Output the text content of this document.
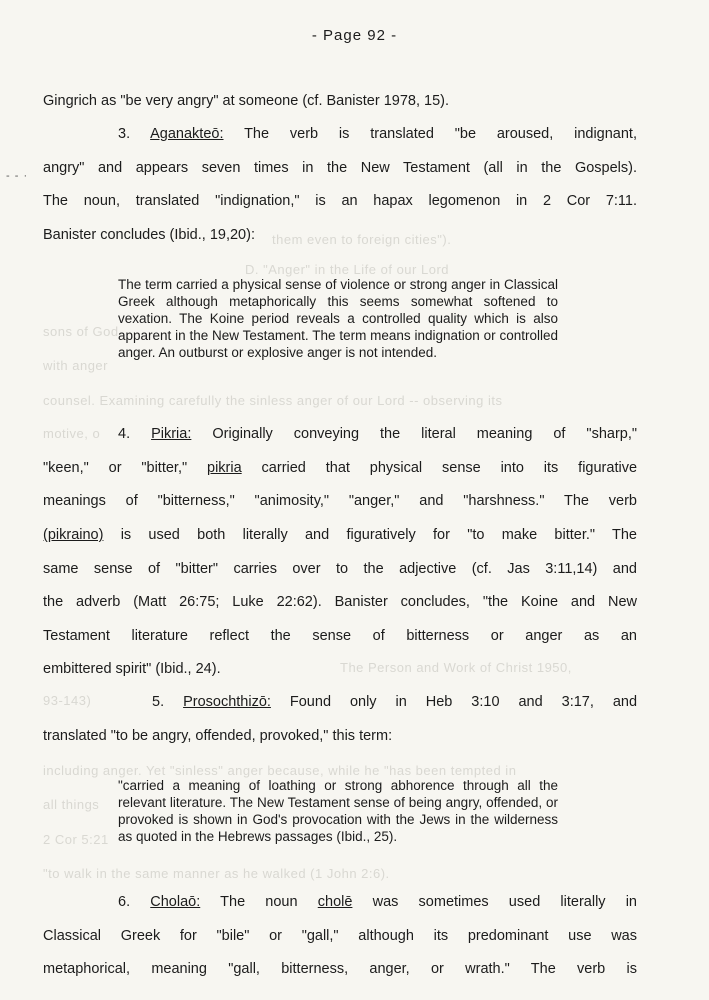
them even to foreign cities").
D. "Anger" in the Life of our Lord
sons of God
with anger
counsel. Examining carefully the sinless anger of our Lord -- observing its
motive, o
The Person and Work of Christ 1950,
93-143)
including anger. Yet "sinless" anger because, while he "has been tempted in
all things
2 Cor 5:21
"to walk in the same manner as he walked (1 John 2:6).
- Page 92 -
- - ·
Gingrich as "be very angry" at someone (cf. Banister 1978, 15).
3. Aganakteō: The verb is translated "be aroused, indignant,
angry" and appears seven times in the New Testament (all in the Gospels).
The noun, translated "indignation," is an hapax legomenon in 2 Cor 7:11.
Banister concludes (Ibid., 19,20):
The term carried a physical sense of violence or strong anger in Classical Greek although metaphorically this seems somewhat softened to vexation. The Koine period reveals a controlled quality which is also apparent in the New Testament. The term means indignation or controlled anger. An outburst or explosive anger is not intended.
4. Pikria: Originally conveying the literal meaning of "sharp,"
"keen," or "bitter," pikria carried that physical sense into its figurative
meanings of "bitterness," "animosity," "anger," and "harshness." The verb
(pikraino) is used both literally and figuratively for "to make bitter." The
same sense of "bitter" carries over to the adjective (cf. Jas 3:11,14) and
the adverb (Matt 26:75; Luke 22:62). Banister concludes, "the Koine and New
Testament literature reflect the sense of bitterness or anger as an
embittered spirit" (Ibid., 24).
5. Prosochthizō: Found only in Heb 3:10 and 3:17, and
translated "to be angry, offended, provoked," this term:
"carried a meaning of loathing or strong abhorence through all the relevant literature. The New Testament sense of being angry, offended, or provoked is shown in God's provocation with the Jews in the wilderness as quoted in the Hebrews passages (Ibid., 25).
6. Cholaō: The noun cholē was sometimes used literally in
Classical Greek for "bile" or "gall," although its predominant use was
metaphorical, meaning "gall, bitterness, anger, or wrath." The verb is
